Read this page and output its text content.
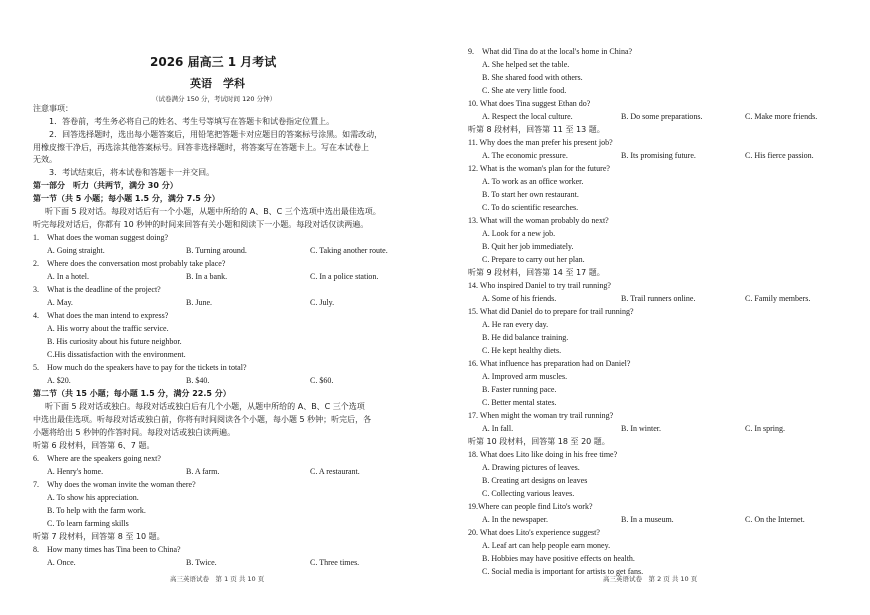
2026 届高三 1 月考试
英语　学科
（试卷满分 150 分，考试时间 120 分钟）
注意事项：
1．答卷前，考生务必将自己的姓名、考生号等填写在答题卡和试卷指定位置上。
2．回答选择题时，选出每小题答案后，用铅笔把答题卡对应题目的答案标号涂黑。如需改动，
用橡皮擦干净后，再选涂其他答案标号。回答非选择题时，将答案写在答题卡上。写在本试卷上
无效。
3．考试结束后，将本试卷和答题卡一并交回。
第一部分　听力（共两节，满分 30 分）
第一节（共 5 小题；每小题 1.5 分，满分 7.5 分）
听下面 5 段对话。每段对话后有一个小题，从题中所给的 A、B、C 三个选项中选出最佳选项。
听完每段对话后，你都有 10 秒钟的时间来回答有关小题和阅读下一小题。每段对话仅读两遍。
1.　What does the woman suggest doing?
A. Going straight.	B. Turning around.	C. Taking another route.
2.　Where does the conversation most probably take place?
A. In a hotel.	B. In a bank.	C. In a police station.
3.　What is the deadline of the project?
A. May.	B. June.	C. July.
4.　What does the man intend to express?
A. His worry about the traffic service.
B. His curiosity about his future neighbor.
C.His dissatisfaction with the environment.
5.　How much do the speakers have to pay for the tickets in total?
A. $20.	B. $40.	C. $60.
第二节（共 15 小题；每小题 1.5 分，满分 22.5 分）
听下面 5 段对话或独白。每段对话或独白后有几个小题，从题中所给的 A、B、C 三个选项
中选出最佳选项。听每段对话或独白前，你将有时间阅读各个小题，每小题 5 秒钟；听完后，各
小题将给出 5 秒钟的作答时间。每段对话或独白读两遍。
听第 6 段材料，回答第 6、7 题。
6.　Where are the speakers going next?
A. Henry's home.	B. A farm.	C. A restaurant.
7.　Why does the woman invite the woman there?
A. To show his appreciation.
B. To help with the farm work.
C. To learn farming skills
听第 7 段材料，回答第 8 至 10 题。
8.　How many times has Tina been to China?
A. Once.	B. Twice.	C. Three times.
高三英语试卷　第 1 页 共 10 页
9.　What did Tina do at the local's home in China?
A. She helped set the table.
B. She shared food with others.
C. She ate very little food.
10. What does Tina suggest Ethan do?
A. Respect the local culture.	B. Do some preparations.	C. Make more friends.
听第 8 段材料，回答第 11 至 13 题。
11. Why does the man prefer his present job?
A. The economic pressure.	B. Its promising future.	C. His fierce passion.
12. What is the woman's plan for the future?
A. To work as an office worker.
B. To start her own restaurant.
C. To do scientific researches.
13. What will the woman probably do next?
A. Look for a new job.
B. Quit her job immediately.
C. Prepare to carry out her plan.
听第 9 段材料，回答第 14 至 17 题。
14. Who inspired Daniel to try trail running?
A. Some of his friends.	B. Trail runners online.	C. Family members.
15. What did Daniel do to prepare for trail running?
A. He ran every day.
B. He did balance training.
C. He kept healthy diets.
16. What influence has preparation had on Daniel?
A. Improved arm muscles.
B. Faster running pace.
C. Better mental states.
17. When might the woman try trail running?
A. In fall.	B. In winter.	C. In spring.
听第 10 段材料，回答第 18 至 20 题。
18. What does Lito like doing in his free time?
A. Drawing pictures of leaves.
B. Creating art designs on leaves
C. Collecting various leaves.
19.Where can people find Lito's work?
A. In the newspaper.	B. In a museum.	C. On the Internet.
20. What does Lito's experience suggest?
A. Leaf art can help people earn money.
B. Hobbies may have positive effects on health.
C. Social media is important for artists to get fans.
高三英语试卷　第 2 页 共 10 页
